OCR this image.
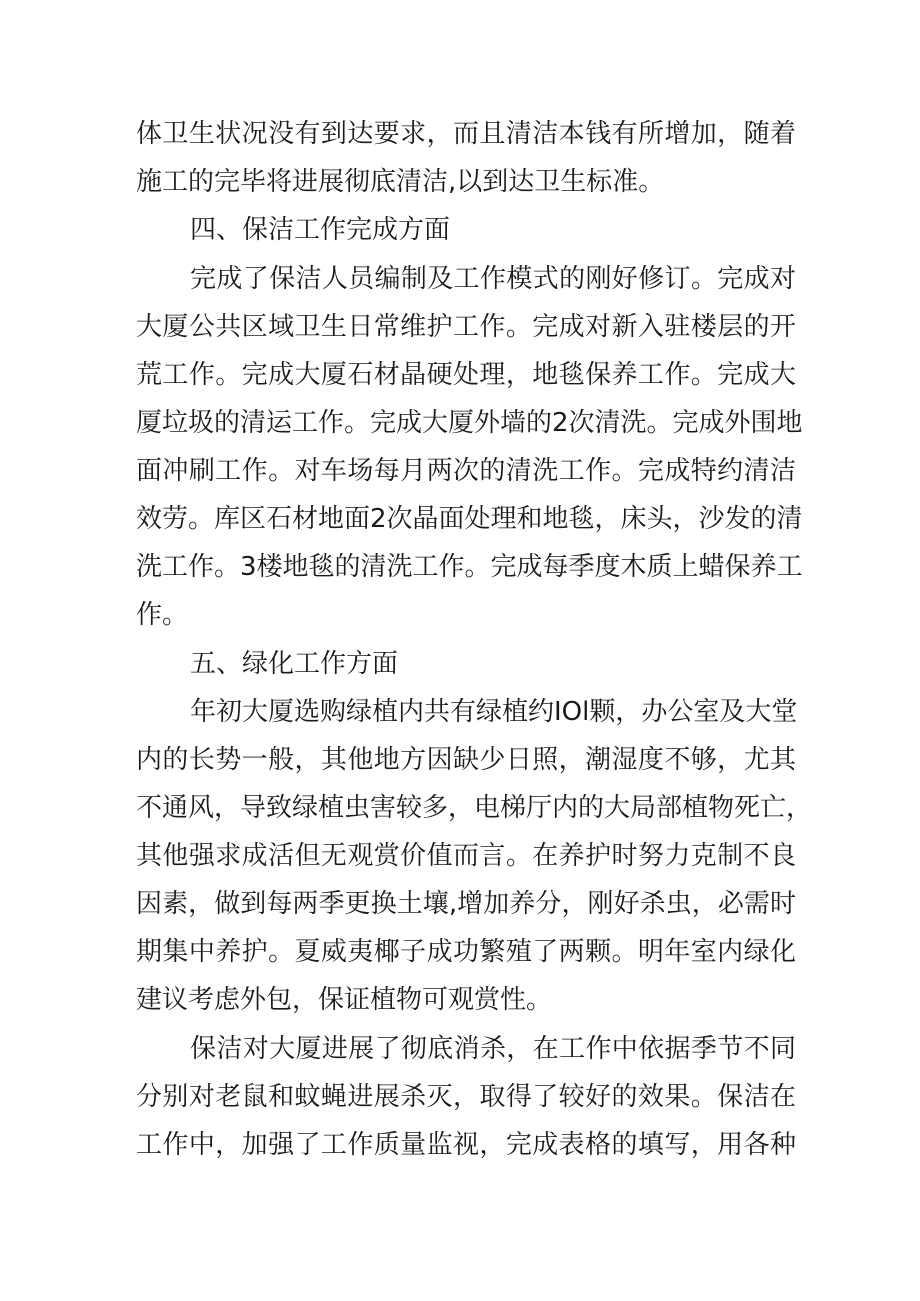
体卫生状况没有到达要求，而且清洁本钱有所增加，随着

施工的完毕将进展彻底清洁,以到达卫生标准。

四、保洁工作完成方面

完成了保洁人员编制及工作模式的刚好修订。完成对

大厦公共区域卫生日常维护工作。完成对新入驻楼层的开

荒工作。完成大厦石材晶硬处理，地毯保养工作。完成大

厦垃圾的清运工作。完成大厦外墙的2次清洗。完成外围地

面冲刷工作。对车场每月两次的清洗工作。完成特约清洁

效劳。库区石材地面2次晶面处理和地毯，床头，沙发的清

洗工作。3楼地毯的清洗工作。完成每季度木质上蜡保养工

作。

五、绿化工作方面

年初大厦选购绿植内共有绿植约IOl颗，办公室及大堂

内的长势一般，其他地方因缺少日照，潮湿度不够，尤其

不通风，导致绿植虫害较多，电梯厅内的大局部植物死亡，

其他强求成活但无观赏价值而言。在养护时努力克制不良

因素，做到每两季更换土壤,增加养分，刚好杀虫，必需时

期集中养护。夏威夷椰子成功繁殖了两颗。明年室内绿化

建议考虑外包，保证植物可观赏性。

保洁对大厦进展了彻底消杀，在工作中依据季节不同

分别对老鼠和蚊蝇进展杀灭，取得了较好的效果。保洁在

工作中，加强了工作质量监视，完成表格的填写，用各种
